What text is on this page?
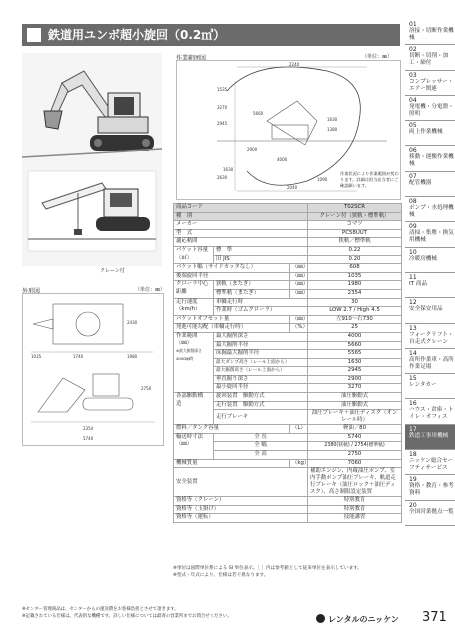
鉄道用ユンボ超小旋回（0.2㎥）
クレーン付
作業範囲図	（単位：㎜）
2240
1535
3270
5660
2945
2900
4000
1630
2630
1630
1380
2040
1090
作業状況により作業範囲が変わります。詳細は担当店当者にご確認願います。
外形図	（単位：㎜）
1740
2430
2354
5740
2750
1980
1035
商品コード			T02SCR
種　別			クレーン付（狭軌・標準軌）
メーカー			コマツ
型　式			PC58UUT
適応軌間			狭軌／標準軌
バケット容量（㎥）	標　準		0.22
	旧 JIS		0.20
バケット幅（サイドカッタなし）		（㎜）	608
後端旋回半径		（㎜）	1035
クローラ中心距離	狭軌（またぎ）	（㎜）	1980
	標準軌（またぎ）	（㎜）	2354
走行速度（km/h）	車輪走行時		30
	作業時（ゴムクローラ）		LOW 2.7 / High 4.5
バケットオフセット量		（㎜）	左910～右730
発進可能勾配（車輪走行時）		（%）	25
作業範囲（㎜）
※最大掘削深さ 4000㎜時	最大掘削深さ		4000
	最大掘削半径		5660
	床掘最大掘削半径		5565
	最大ダンプ高さ（レール上面から）		1630
	最大掘削高さ（レール上面から）		2945
	垂直掘り深さ		2900
	最小旋回半径		3270
各部駆動構　造	旋回装置　駆動方式		油圧駆動式
	走行装置　駆動方式		油圧駆動式
	走行ブレーキ		油圧ブレーキ＋油圧ディスク（オンレール時）
燃料／タンク容量		（L）	軽油／80
輸送時寸法（㎜）	全 長		5740
	全 幅		2380(狭軌) / 2754(標準軌)
	全 高		2750
機械質量		（kg）	7060
安全装置			補助エンジン、内蔵油圧ポンプ、室内手動ポンプ油圧ブレーキ、軌道走行ブレーキ（油圧ロック＋油圧ディスク）、高さ制限設定装置
資格等（クレーン）			特別教育
資格等（玉掛け）			特別教育
資格等（運転）			技能講習
※単位は国際単位系による SI 単位表示。［ ］内は参考値として従来単位を表示しています。
※型式・年式により、仕様は若干異なります。
01
溶接・切断作業機械
02
切断・切削・加工・締付
03
コンプレッサー・エアー関連
04
発電機・分電盤・照明
05
両上作業機械
06
移動・運搬作業機械
07
配管機器
08
ポンプ・水処理機械
09
清掃・集塵・換気用機械
10
冷暖房機械
11
IT 商品
12
安全保安用品
13
フォークリフト・自走式クレーン
14
高所作業車・高所作業足場
15
レンタカー
16
ハウス・倉庫・トイレ・オフィス
17
鉄道工事用機械
18
ニッケン総合セーフティサービス
19
資格・教育・参考資料
20
全国営業拠点一覧
※センター管理商品は、センターからの運送費をお客様負担とさせて頂きます。
※記載されている仕様は、代表的な機種です。詳しい仕様については最寄の営業所までお問合せください。	レンタルのニッケン 371
